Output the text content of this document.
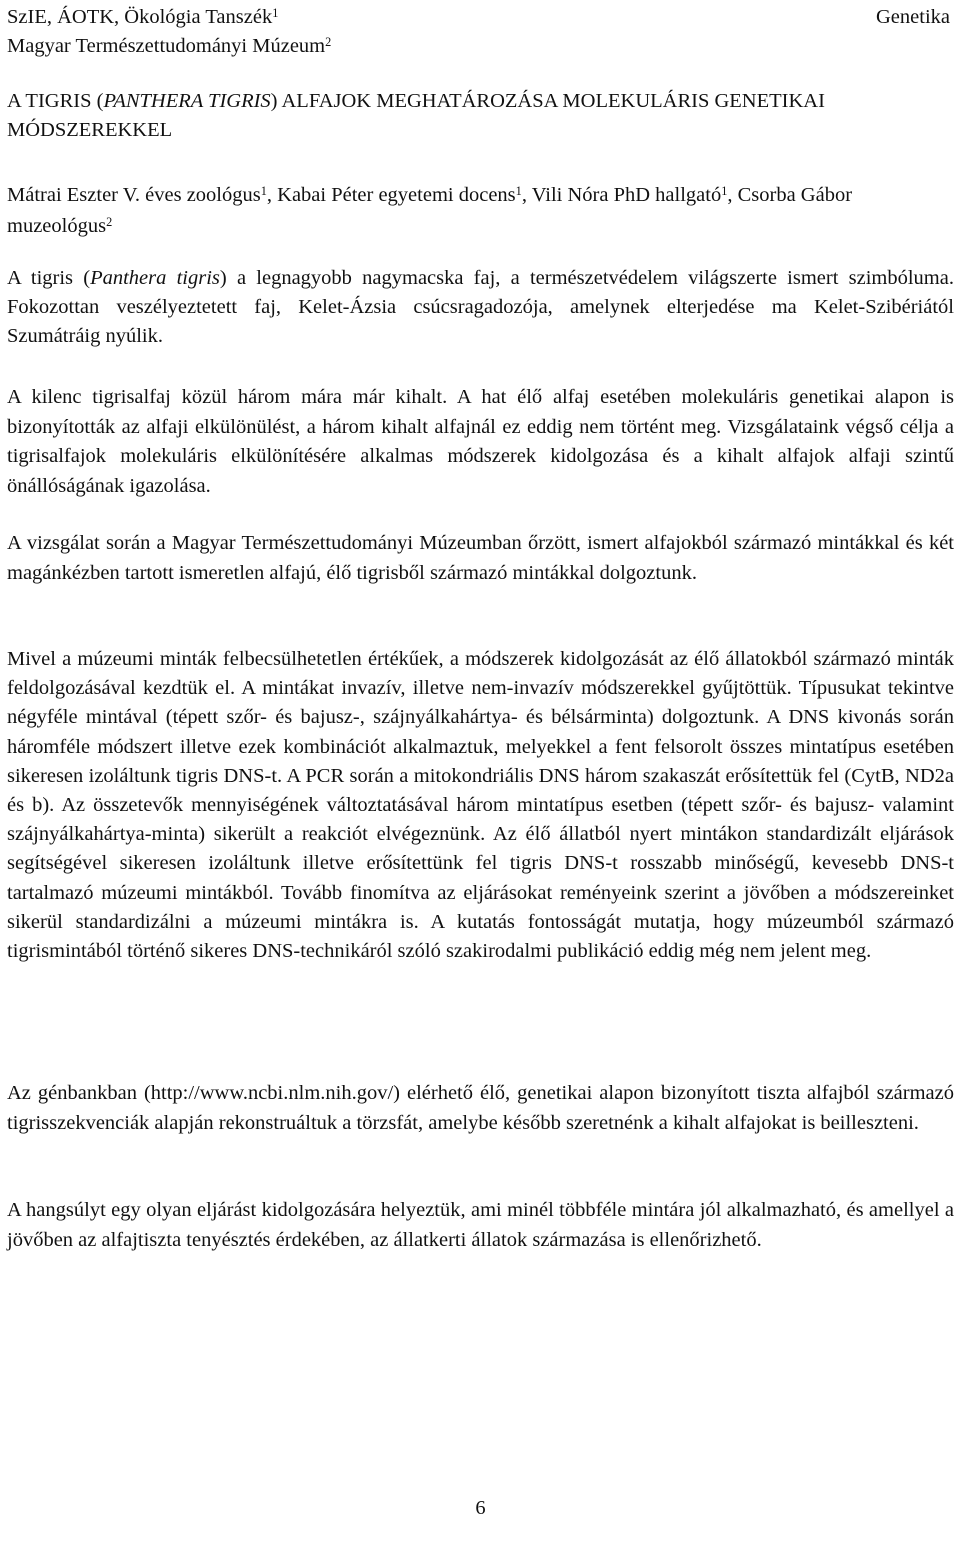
SzIE, ÁOTK, Ökológia Tanszék$^1$
Magyar Természettudományi Múzeum$^2$
Genetika
A TIGRIS (PANTHERA TIGRIS) ALFAJOK MEGHATÁROZÁSA MOLEKULÁRIS GENETIKAI MÓDSZEREKKEL
Mátrai Eszter V. éves zoológus$^1$, Kabai Péter egyetemi docens$^1$, Vili Nóra PhD hallgató$^1$, Csorba Gábor muzeológus$^2$

A tigris (Panthera tigris) a legnagyobb nagymacska faj, a természetvédelem világszerte ismert szimbóluma. Fokozottan veszélyeztetett faj, Kelet-Ázsia csúcsragadozója, amelynek elterjedése ma Kelet-Szibériától Szumátráig nyúlik.

A kilenc tigrisalfaj közül három mára már kihalt. A hat élő alfaj esetében molekuláris genetikai alapon is bizonyították az alfaji elkülönülést, a három kihalt alfajnál ez eddig nem történt meg. Vizsgálataink végső célja a tigrisalfajok molekuláris elkülönítésére alkalmas módszerek kidolgozása és a kihalt alfajok alfaji szintű önállóságának igazolása.

A vizsgálat során a Magyar Természettudományi Múzeumban őrzött, ismert alfajokból származó mintákkal és két magánkézben tartott ismeretlen alfajú, élő tigrisből származó mintákkal dolgoztunk.

Mivel a múzeumi minták felbecsülhetetlen értékűek, a módszerek kidolgozását az élő állatokból származó minták feldolgozásával kezdtük el. A mintákat invazív, illetve nem-invazív módszerekkel gyűjtöttük. Típusukat tekintve négyféle mintával (tépett szőr- és bajusz-, szájnyálkahártya- és bélsárminta) dolgoztunk. A DNS kivonás során háromféle módszert illetve ezek kombinációt alkalmaztuk, melyekkel a fent felsorolt összes mintatípus esetében sikeresen izoláltunk tigris DNS-t. A PCR során a mitokondriális DNS három szakaszát erősítettük fel (CytB, ND2a és b). Az összetevők mennyiségének változtatásával három mintatípus esetben (tépett szőr- és bajusz- valamint szájnyálkahártya-minta) sikerült a reakciót elvégeznünk. Az élő állatból nyert mintákon standardizált eljárások segítségével sikeresen izoláltunk illetve erősítettünk fel tigris DNS-t rosszabb minőségű, kevesebb DNS-t tartalmazó múzeumi mintákból. Tovább finomítva az eljárásokat reményeink szerint a jövőben a módszereinket sikerül standardizálni a múzeumi mintákra is. A kutatás fontosságát mutatja, hogy múzeumból származó tigrismintából történő sikeres DNS-technikáról szóló szakirodalmi publikáció eddig még nem jelent meg.

Az génbankban (http://www.ncbi.nlm.nih.gov/) elérhető élő, genetikai alapon bizonyított tiszta alfajból származó tigrisszekvenciák alapján rekonstruáltuk a törzsfát, amelybe később szeretnénk a kihalt alfajokat is beilleszteni.

A hangsúlyt egy olyan eljárást kidolgozására helyeztük, ami minél többféle mintára jól alkalmazható, és amellyel a jövőben az alfajtiszta tenyésztés érdekében, az állatkerti állatok származása is ellenőrizhető.

6
